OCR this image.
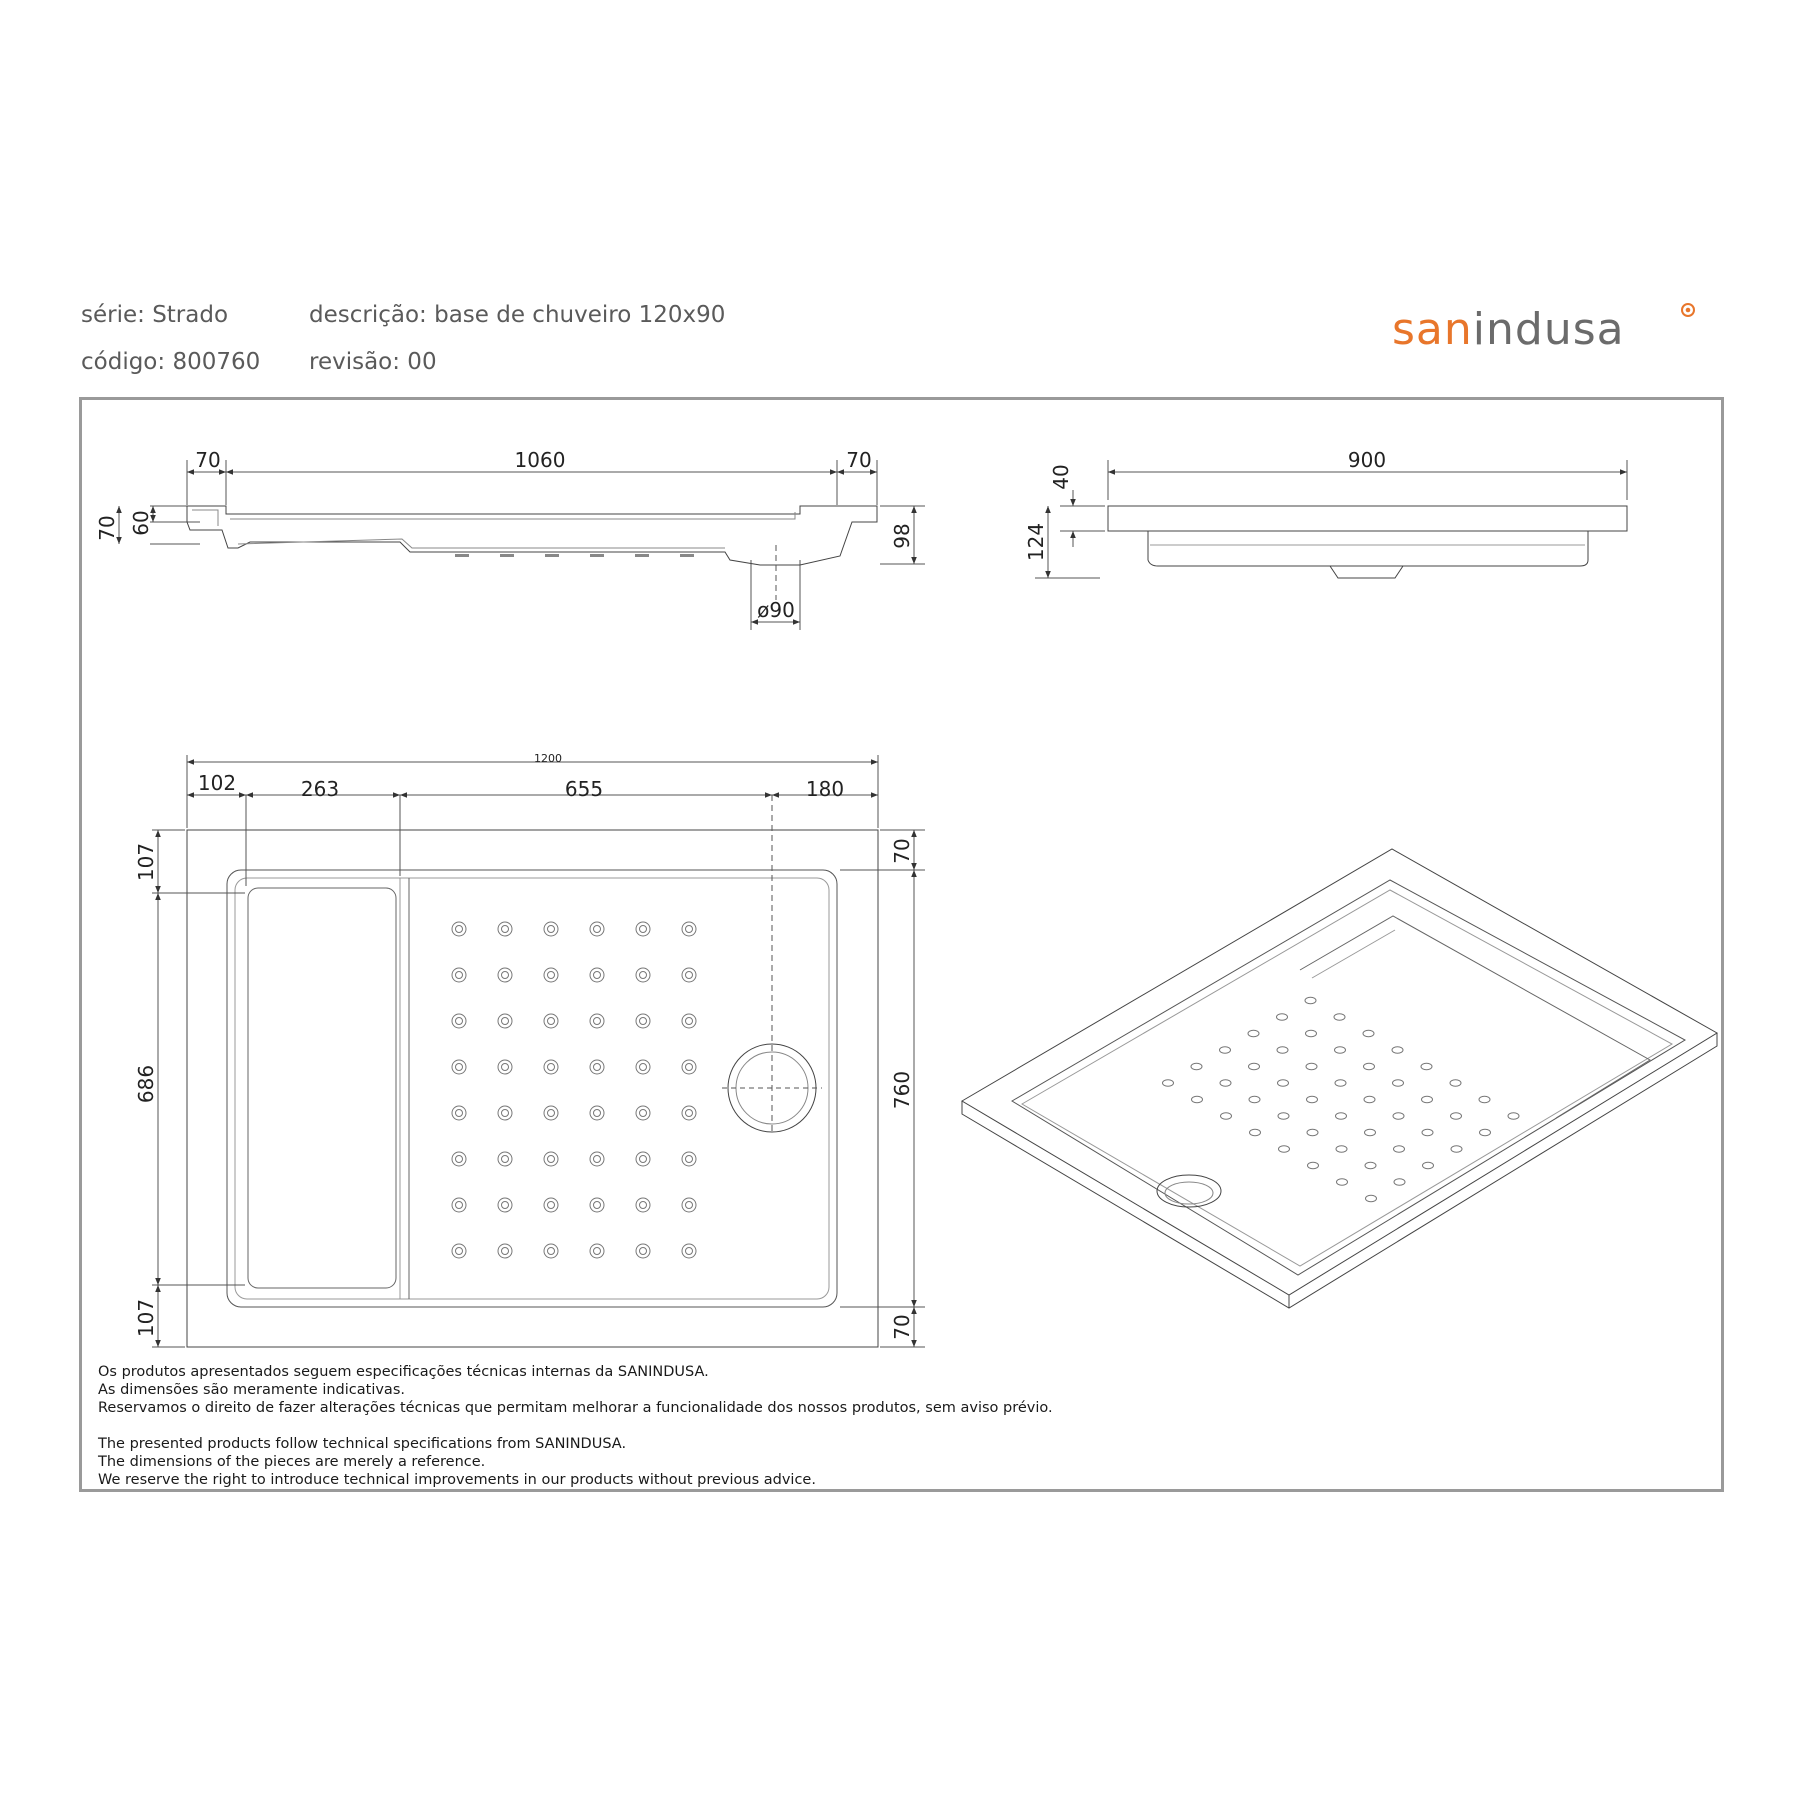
série: Strado
código: 800760
descrição: base de chuveiro 120x90
revisão: 00
sanindusa
70	1060	70
70 60
98
ø90
900
40
124
1200
102	263	655	180
107
686
107
70
760
70
Os produtos apresentados seguem especificações técnicas internas da SANINDUSA.
As dimensões são meramente indicativas.
Reservamos o direito de fazer alterações técnicas que permitam melhorar a funcionalidade dos nossos produtos, sem aviso prévio.
The presented products follow technical specifications from SANINDUSA.
The dimensions of the pieces are merely a reference.
We reserve the right to introduce technical improvements in our products without previous advice.
